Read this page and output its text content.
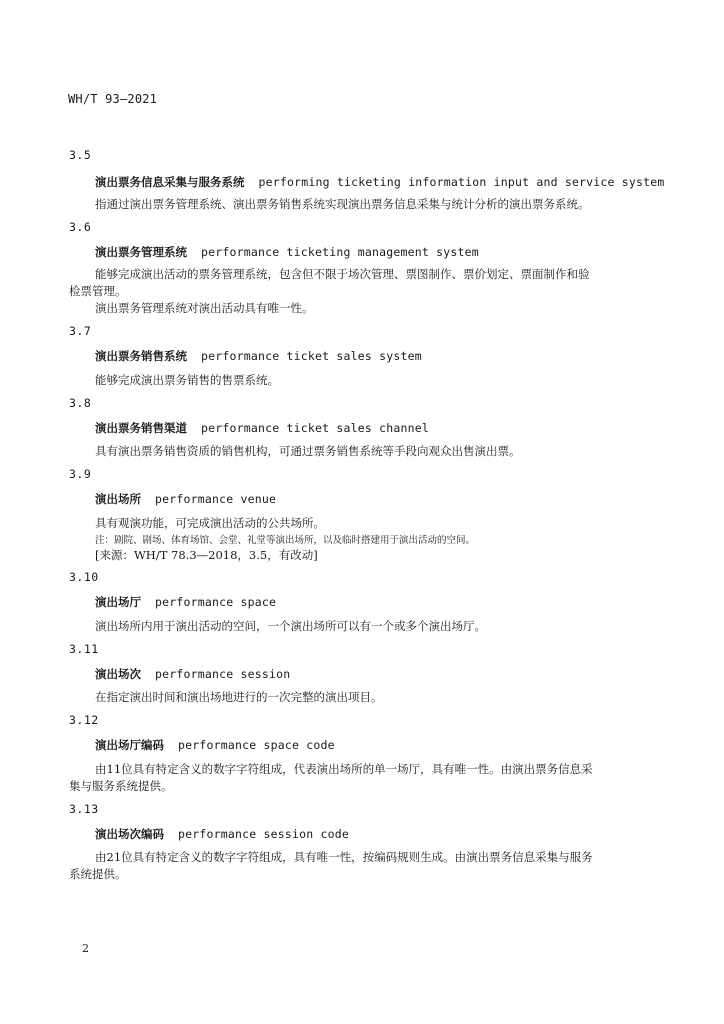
WH/T 93—2021
3.5
演出票务信息采集与服务系统 performing ticketing information input and service system
指通过演出票务管理系统、演出票务销售系统实现演出票务信息采集与统计分析的演出票务系统。
3.6
演出票务管理系统 performance ticketing management system
能够完成演出活动的票务管理系统，包含但不限于场次管理、票图制作、票价划定、票面制作和验
检票管理。
演出票务管理系统对演出活动具有唯一性。
3.7
演出票务销售系统 performance ticket sales system
能够完成演出票务销售的售票系统。
3.8
演出票务销售渠道 performance ticket sales channel
具有演出票务销售资质的销售机构，可通过票务销售系统等手段向观众出售演出票。
3.9
演出场所 performance venue
具有观演功能，可完成演出活动的公共场所。
注：剧院、剧场、体育场馆、会堂、礼堂等演出场所，以及临时搭建用于演出活动的空间。
[来源：WH/T 78.3—2018，3.5，有改动]
3.10
演出场厅 performance space
演出场所内用于演出活动的空间，一个演出场所可以有一个或多个演出场厅。
3.11
演出场次 performance session
在指定演出时间和演出场地进行的一次完整的演出项目。
3.12
演出场厅编码 performance space code
由11位具有特定含义的数字字符组成，代表演出场所的单一场厅，具有唯一性。由演出票务信息采
集与服务系统提供。
3.13
演出场次编码 performance session code
由21位具有特定含义的数字字符组成，具有唯一性，按编码规则生成。由演出票务信息采集与服务
系统提供。
2
